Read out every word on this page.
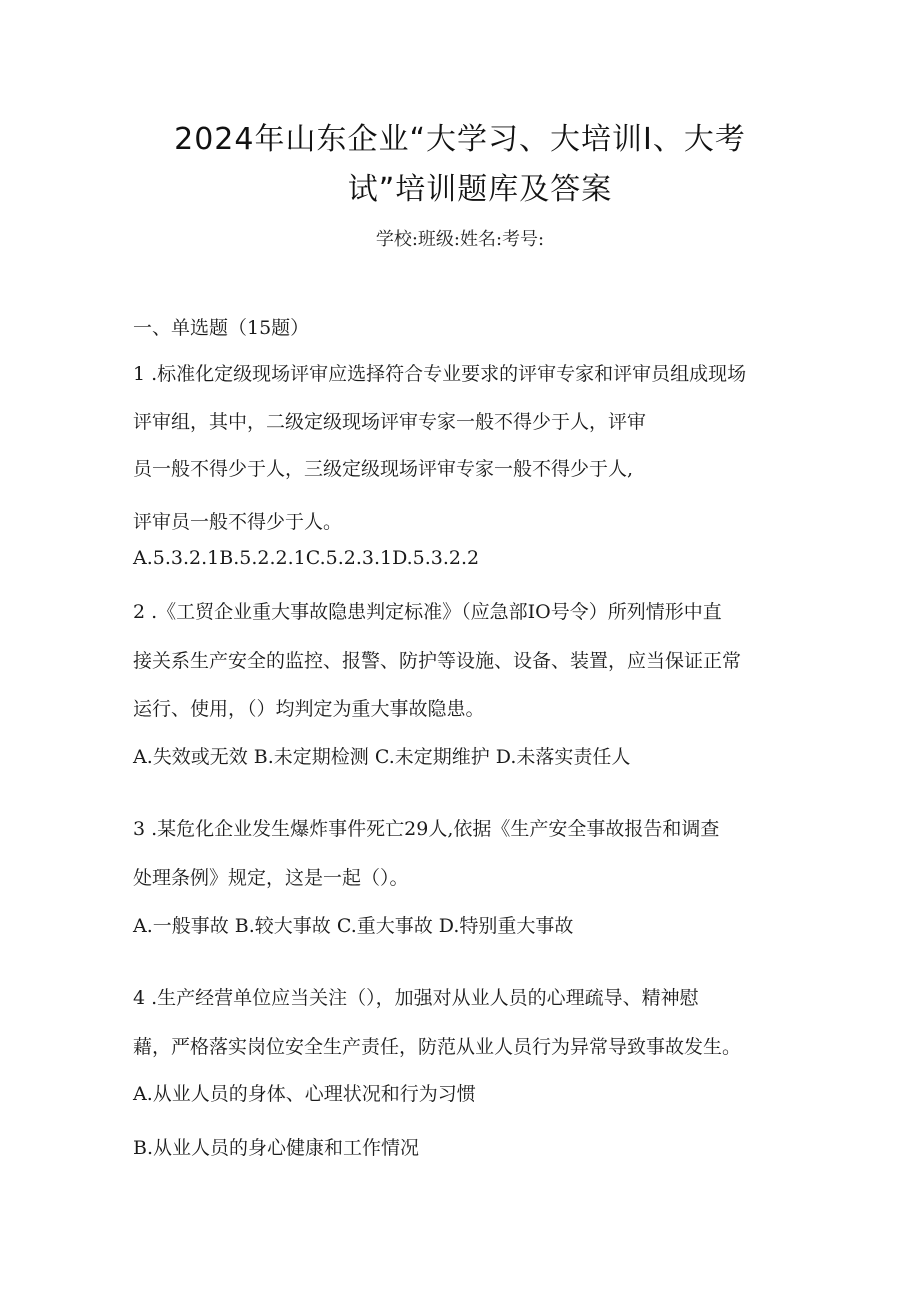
2024年山东企业“大学习、大培训I、大考
试”培训题库及答案
学校:班级:姓名:考号:
一、单选题（15题）
1 .标准化定级现场评审应选择符合专业要求的评审专家和评审员组成现场
评审组，其中，二级定级现场评审专家一般不得少于人，评审
员一般不得少于人，三级定级现场评审专家一般不得少于人,
评审员一般不得少于人。
A.5.3.2.1B.5.2.2.1C.5.2.3.1D.5.3.2.2
2 .《工贸企业重大事故隐患判定标准》（应急部IO号令）所列情形中直
接关系生产安全的监控、报警、防护等设施、设备、装置，应当保证正常
运行、使用，（）均判定为重大事故隐患。
A.失效或无效 B.未定期检测 C.未定期维护 D.未落实责任人
3 .某危化企业发生爆炸事件死亡29人,依据《生产安全事故报告和调查
处理条例》规定，这是一起（）。
A.一般事故 B.较大事故 C.重大事故 D.特别重大事故
4 .生产经营单位应当关注（），加强对从业人员的心理疏导、精神慰
藉，严格落实岗位安全生产责任，防范从业人员行为异常导致事故发生。
A.从业人员的身体、心理状况和行为习惯
B.从业人员的身心健康和工作情况
